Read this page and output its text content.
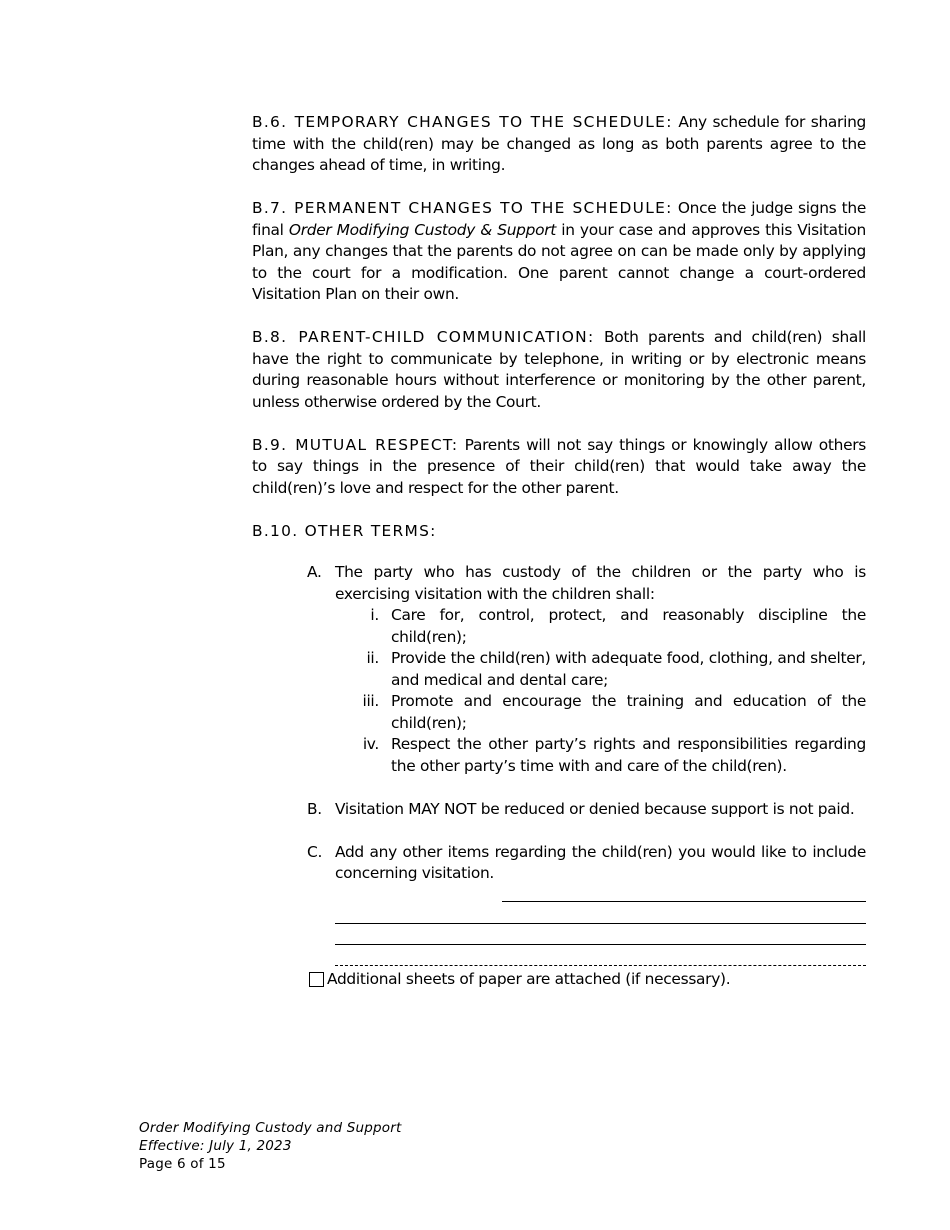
B.6. TEMPORARY CHANGES TO THE SCHEDULE: Any schedule for sharing time with the child(ren) may be changed as long as both parents agree to the changes ahead of time, in writing.

B.7. PERMANENT CHANGES TO THE SCHEDULE: Once the judge signs the final Order Modifying Custody & Support in your case and approves this Visitation Plan, any changes that the parents do not agree on can be made only by applying to the court for a modification. One parent cannot change a court-ordered Visitation Plan on their own.

B.8. PARENT-CHILD COMMUNICATION: Both parents and child(ren) shall have the right to communicate by telephone, in writing or by electronic means during reasonable hours without interference or monitoring by the other parent, unless otherwise ordered by the Court.

B.9. MUTUAL RESPECT: Parents will not say things or knowingly allow others to say things in the presence of their child(ren) that would take away the child(ren)’s love and respect for the other parent.

B.10. OTHER TERMS:

A. The party who has custody of the children or the party who is exercising visitation with the children shall:
i. Care for, control, protect, and reasonably discipline the child(ren);
ii. Provide the child(ren) with adequate food, clothing, and shelter, and medical and dental care;
iii. Promote and encourage the training and education of the child(ren);
iv. Respect the other party’s rights and responsibilities regarding the other party’s time with and care of the child(ren).
B. Visitation MAY NOT be reduced or denied because support is not paid.
C. Add any other items regarding the child(ren) you would like to include concerning visitation.
Additional sheets of paper are attached (if necessary).
Order Modifying Custody and Support
Effective: July 1, 2023
Page 6 of 15
